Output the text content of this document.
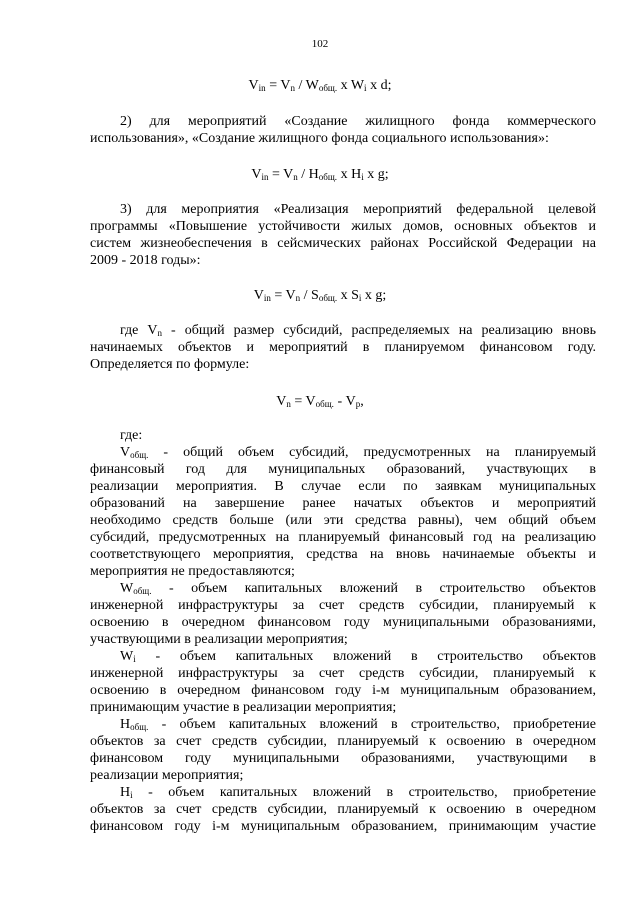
102
$V_{in} = V_n / W_{общ.}$ x $W_i$ x d;
2) для мероприятий «Создание жилищного фонда коммерческого
использования», «Создание жилищного фонда социального использования»:
$V_{in} = V_n / H_{общ.}$ x $H_i$ x g;
3) для мероприятия «Реализация мероприятий федеральной целевой
программы «Повышение устойчивости жилых домов, основных объектов и
систем жизнеобеспечения в сейсмических районах Российской Федерации на
2009 - 2018 годы»:
$V_{in} = V_n / S_{общ.}$ x $S_i$ x g;
где $V_n$ - общий размер субсидий, распределяемых на реализацию вновь
начинаемых объектов и мероприятий в планируемом финансовом году.
Определяется по формуле:
$V_n = V_{общ.} - V_p$,
где:
$V_{общ.}$ - общий объем субсидий, предусмотренных на планируемый
финансовый год для муниципальных образований, участвующих в
реализации мероприятия. В случае если по заявкам муниципальных
образований на завершение ранее начатых объектов и мероприятий
необходимо средств больше (или эти средства равны), чем общий объем
субсидий, предусмотренных на планируемый финансовый год на реализацию
соответствующего мероприятия, средства на вновь начинаемые объекты и
мероприятия не предоставляются;
$W_{общ.}$ - объем капитальных вложений в строительство объектов
инженерной инфраструктуры за счет средств субсидии, планируемый к
освоению в очередном финансовом году муниципальными образованиями,
участвующими в реализации мероприятия;
$W_i$ - объем капитальных вложений в строительство объектов
инженерной инфраструктуры за счет средств субсидии, планируемый к
освоению в очередном финансовом году i-м муниципальным образованием,
принимающим участие в реализации мероприятия;
$H_{общ.}$ - объем капитальных вложений в строительство, приобретение
объектов за счет средств субсидии, планируемый к освоению в очередном
финансовом году муниципальными образованиями, участвующими в
реализации мероприятия;
$H_i$ - объем капитальных вложений в строительство, приобретение
объектов за счет средств субсидии, планируемый к освоению в очередном
финансовом году i-м муниципальным образованием, принимающим участие
